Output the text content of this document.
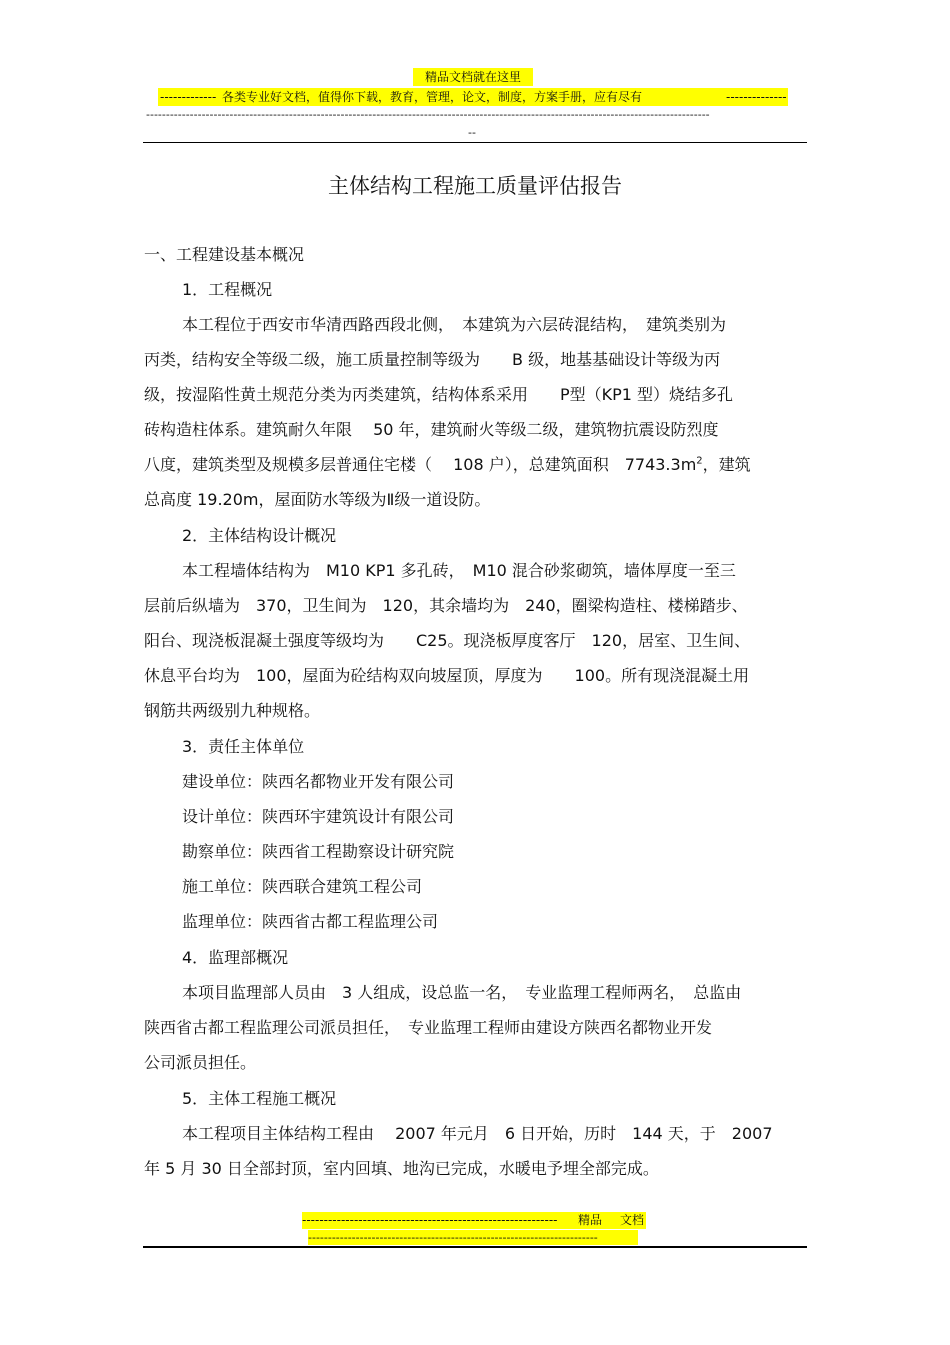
精品文档就在这里
------------- 各类专业好文档，值得你下载，教育，管理，论文，制度，方案手册，应有尽有	--------------
----------------------------------------------------------------------------------------------------------------------------------------------
--
主体结构工程施工质量评估报告
一、工程建设基本概况
1．工程概况
本工程位于西安市华清西路西段北侧，　本建筑为六层砖混结构，　建筑类别为
丙类，结构安全等级二级，施工质量控制等级为　　B 级，地基基础设计等级为丙
级，按湿陷性黄土规范分类为丙类建筑，结构体系采用　　P型（KP1 型）烧结多孔
砖构造柱体系。建筑耐久年限　 50 年，建筑耐火等级二级，建筑物抗震设防烈度
八度，建筑类型及规模多层普通住宅楼（　 108 户），总建筑面积　$7743.3m^2$，建筑
总高度 19.20m，屋面防水等级为Ⅱ级一道设防。
2．主体结构设计概况
本工程墙体结构为　M10 KP1 多孔砖，　M10 混合砂浆砌筑，墙体厚度一至三
层前后纵墙为　370，卫生间为　120，其余墙均为　240，圈梁构造柱、楼梯踏步、
阳台、现浇板混凝土强度等级均为　　C25。现浇板厚度客厅　120，居室、卫生间、
休息平台均为　100，屋面为砼结构双向坡屋顶，厚度为　　100。所有现浇混凝土用
钢筋共两级别九种规格。
3．责任主体单位
建设单位：陕西名都物业开发有限公司
设计单位：陕西环宇建筑设计有限公司
勘察单位：陕西省工程勘察设计研究院
施工单位：陕西联合建筑工程公司
监理单位：陕西省古都工程监理公司
4．监理部概况
本项目监理部人员由　3 人组成，设总监一名，　专业监理工程师两名，　总监由
陕西省古都工程监理公司派员担任，　专业监理工程师由建设方陕西名都物业开发
公司派员担任。
5．主体工程施工概况
本工程项目主体结构工程由　 2007 年元月　6 日开始，历时　144 天，于　2007
年 5 月 30 日全部封顶，室内回填、地沟已完成，水暖电予埋全部完成。
----------------------------------------------------------- 精品 文档
-------------------------------------------------------------------------
